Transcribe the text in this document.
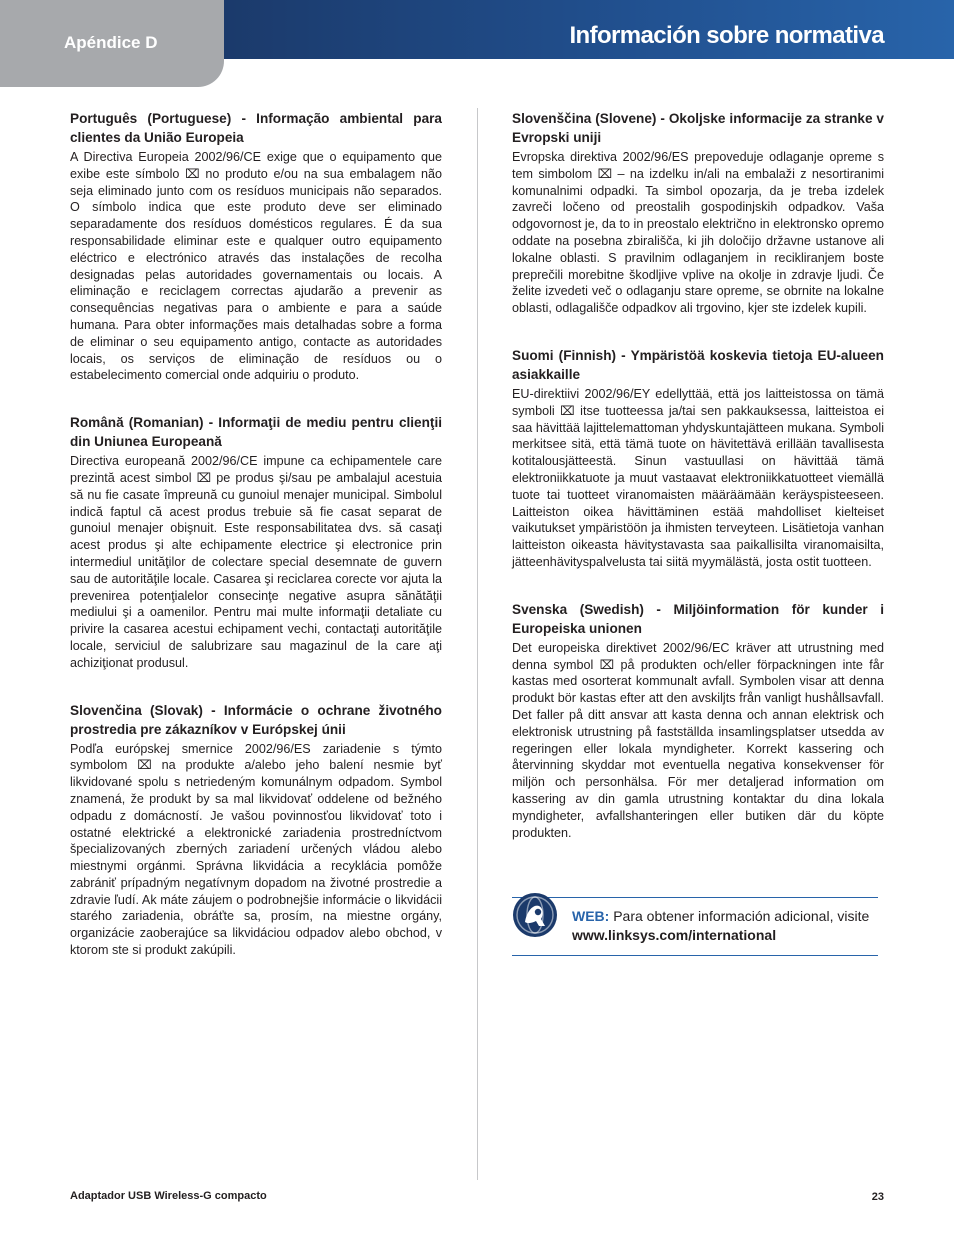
Apéndice D	Información sobre normativa
Português (Portuguese) - Informação ambiental para clientes da União Europeia

A Directiva Europeia 2002/96/CE exige que o equipamento que exibe este símbolo ⌧ no produto e/ou na sua embalagem não seja eliminado junto com os resíduos municipais não separados. O símbolo indica que este produto deve ser eliminado separadamente dos resíduos domésticos regulares. É da sua responsabilidade eliminar este e qualquer outro equipamento eléctrico e electrónico através das instalações de recolha designadas pelas autoridades governamentais ou locais. A eliminação e reciclagem correctas ajudarão a prevenir as consequências negativas para o ambiente e para a saúde humana. Para obter informações mais detalhadas sobre a forma de eliminar o seu equipamento antigo, contacte as autoridades locais, os serviços de eliminação de resíduos ou o estabelecimento comercial onde adquiriu o produto.

Română (Romanian) - Informaţii de mediu pentru clienţii din Uniunea Europeană

Directiva europeană 2002/96/CE impune ca echipamentele care prezintă acest simbol ⌧ pe produs şi/sau pe ambalajul acestuia să nu fie casate împreună cu gunoiul menajer municipal. Simbolul indică faptul că acest produs trebuie să fie casat separat de gunoiul menajer obişnuit. Este responsabilitatea dvs. să casaţi acest produs şi alte echipamente electrice şi electronice prin intermediul unităţilor de colectare special desemnate de guvern sau de autorităţile locale. Casarea şi reciclarea corecte vor ajuta la prevenirea potenţialelor consecinţe negative asupra sănătăţii mediului şi a oamenilor. Pentru mai multe informaţii detaliate cu privire la casarea acestui echipament vechi, contactaţi autorităţile locale, serviciul de salubrizare sau magazinul de la care aţi achiziţionat produsul.

Slovenčina (Slovak) - Informácie o ochrane životného prostredia pre zákazníkov v Európskej únii

Podľa európskej smernice 2002/96/ES zariadenie s týmto symbolom ⌧ na produkte a/alebo jeho balení nesmie byť likvidované spolu s netriedeným komunálnym odpadom. Symbol znamená, že produkt by sa mal likvidovať oddelene od bežného odpadu z domácností. Je vašou povinnosťou likvidovať toto i ostatné elektrické a elektronické zariadenia prostredníctvom špecializovaných zberných zariadení určených vládou alebo miestnymi orgánmi. Správna likvidácia a recyklácia pomôže zabrániť prípadným negatívnym dopadom na životné prostredie a zdravie ľudí. Ak máte záujem o podrobnejšie informácie o likvidácii starého zariadenia, obráťte sa, prosím, na miestne orgány, organizácie zaoberajúce sa likvidáciou odpadov alebo obchod, v ktorom ste si produkt zakúpili.

Slovenščina (Slovene) - Okoljske informacije za stranke v Evropski uniji

Evropska direktiva 2002/96/ES prepoveduje odlaganje opreme s tem simbolom ⌧ – na izdelku in/ali na embalaži z nesortiranimi komunalnimi odpadki. Ta simbol opozarja, da je treba izdelek zavreči ločeno od preostalih gospodinjskih odpadkov. Vaša odgovornost je, da to in preostalo električno in elektronsko opremo oddate na posebna zbirališča, ki jih določijo državne ustanove ali lokalne oblasti. S pravilnim odlaganjem in recikliranjem boste preprečili morebitne škodljive vplive na okolje in zdravje ljudi. Če želite izvedeti več o odlaganju stare opreme, se obrnite na lokalne oblasti, odlagališče odpadkov ali trgovino, kjer ste izdelek kupili.

Suomi (Finnish) - Ympäristöä koskevia tietoja EU-alueen asiakkaille

EU-direktiivi 2002/96/EY edellyttää, että jos laitteistossa on tämä symboli ⌧ itse tuotteessa ja/tai sen pakkauksessa, laitteistoa ei saa hävittää lajittelemattoman yhdyskuntajätteen mukana. Symboli merkitsee sitä, että tämä tuote on hävitettävä erillään tavallisesta kotitalousjätteestä. Sinun vastuullasi on hävittää tämä elektroniikkatuote ja muut vastaavat elektroniikkatuotteet viemällä tuote tai tuotteet viranomaisten määräämään keräyspisteeseen. Laitteiston oikea hävittäminen estää mahdolliset kielteiset vaikutukset ympäristöön ja ihmisten terveyteen. Lisätietoja vanhan laitteiston oikeasta hävitystavasta saa paikallisilta viranomaisilta, jätteenhävityspalvelusta tai siitä myymälästä, josta ostit tuotteen.

Svenska (Swedish) - Miljöinformation för kunder i Europeiska unionen

Det europeiska direktivet 2002/96/EC kräver att utrustning med denna symbol ⌧ på produkten och/eller förpackningen inte får kastas med osorterat kommunalt avfall. Symbolen visar att denna produkt bör kastas efter att den avskiljts från vanligt hushållsavfall. Det faller på ditt ansvar att kasta denna och annan elektrisk och elektronisk utrustning på fastställda insamlingsplatser utsedda av regeringen eller lokala myndigheter. Korrekt kassering och återvinning skyddar mot eventuella negativa konsekvenser för miljön och personhälsa. För mer detaljerad information om kassering av din gamla utrustning kontaktar du dina lokala myndigheter, avfallshanteringen eller butiken där du köpte produkten.

WEB: Para obtener información adicional, visite
www.linksys.com/international
Adaptador USB Wireless-G compacto	23
